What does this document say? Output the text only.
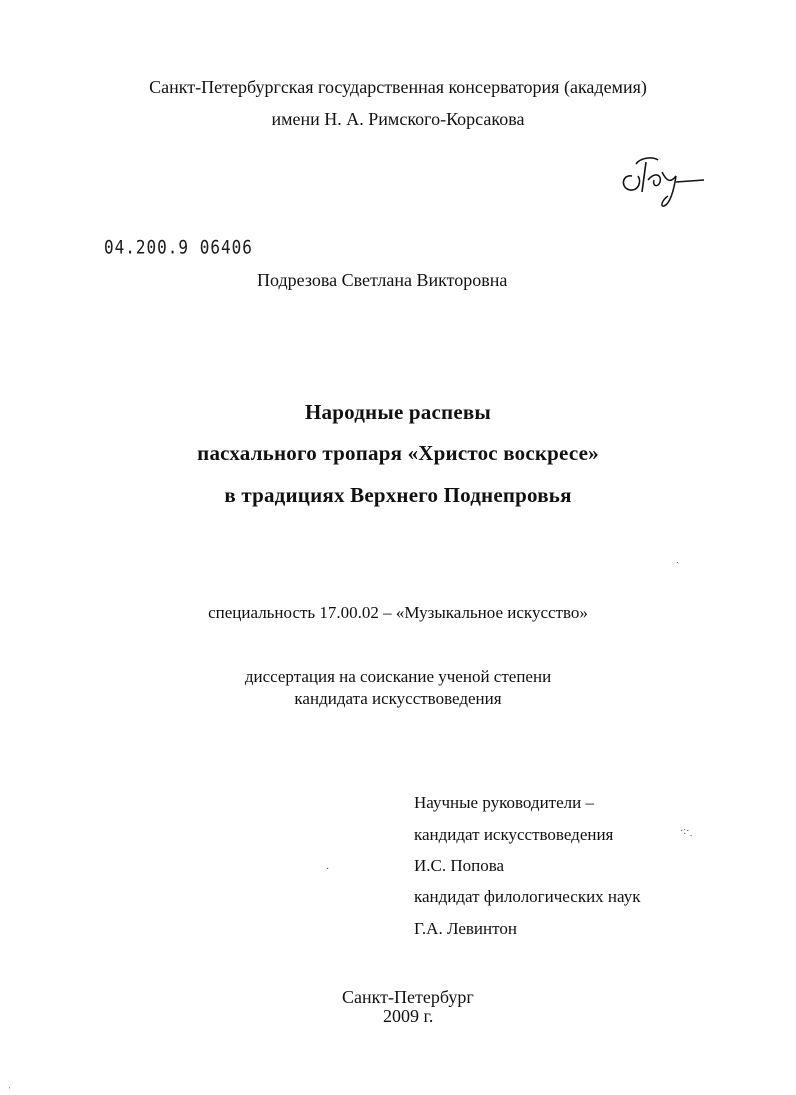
Санкт-Петербургская государственная консерватория (академия)
имени Н. А. Римского-Корсакова
04.200.9 06406
Подрезова Светлана Викторовна
Народные распевы
пасхального тропаря «Христос воскресе»
в традициях Верхнего Поднепровья
специальность 17.00.02 – «Музыкальное искусство»
диссертация на соискание ученой степени
кандидата искусствоведения
Научные руководители –
кандидат искусствоведения
И.С. Попова
кандидат филологических наук
Г.А. Левинтон
Санкт-Петербург
2009 г.
ˏ
·:·ˏ
·
ˌ
